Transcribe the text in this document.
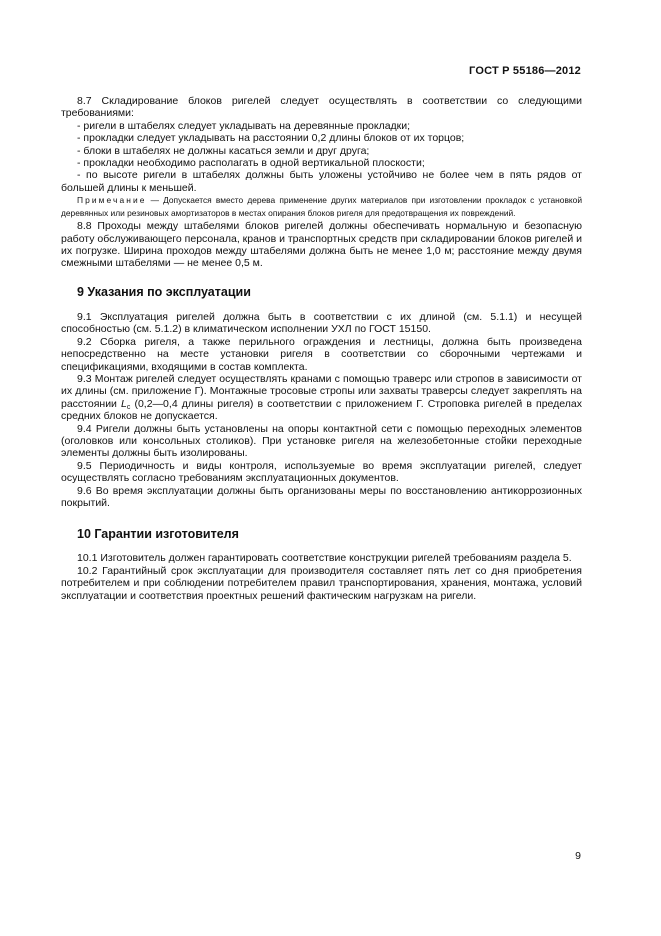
ГОСТ Р 55186—2012

8.7 Складирование блоков ригелей следует осуществлять в соответствии со следующими требованиями:

- ригели в штабелях следует укладывать на деревянные прокладки;

- прокладки следует укладывать на расстоянии 0,2 длины блоков от их торцов;

- блоки в штабелях не должны касаться земли и друг друга;

- прокладки необходимо располагать в одной вертикальной плоскости;

- по высоте ригели в штабелях должны быть уложены устойчиво не более чем в пять рядов от большей длины к меньшей.

Примечание — Допускается вместо дерева применение других материалов при изготовлении прокладок с установкой деревянных или резиновых амортизаторов в местах опирания блоков ригеля для предотвращения их повреждений.

8.8 Проходы между штабелями блоков ригелей должны обеспечивать нормальную и безопасную работу обслуживающего персонала, кранов и транспортных средств при складировании блоков ригелей и их погрузке. Ширина проходов между штабелями должна быть не менее 1,0 м; расстояние между двумя смежными штабелями — не менее 0,5 м.

9 Указания по эксплуатации

9.1 Эксплуатация ригелей должна быть в соответствии с их длиной (см. 5.1.1) и несущей способностью (см. 5.1.2) в климатическом исполнении УХЛ по ГОСТ 15150.

9.2 Сборка ригеля, а также перильного ограждения и лестницы, должна быть произведена непосредственно на месте установки ригеля в соответствии со сборочными чертежами и спецификациями, входящими в состав комплекта.

9.3 Монтаж ригелей следует осуществлять кранами с помощью траверс или стропов в зависимости от их длины (см. приложение Г). Монтажные тросовые стропы или захваты траверсы следует закреплять на расстоянии $L_c$ (0,2—0,4 длины ригеля) в соответствии с приложением Г. Строповка ригелей в пределах средних блоков не допускается.

9.4 Ригели должны быть установлены на опоры контактной сети с помощью переходных элементов (оголовков или консольных столиков). При установке ригеля на железобетонные стойки переходные элементы должны быть изолированы.

9.5 Периодичность и виды контроля, используемые во время эксплуатации ригелей, следует осуществлять согласно требованиям эксплуатационных документов.

9.6 Во время эксплуатации должны быть организованы меры по восстановлению антикоррозионных покрытий.

10 Гарантии изготовителя

10.1 Изготовитель должен гарантировать соответствие конструкции ригелей требованиям раздела 5.

10.2 Гарантийный срок эксплуатации для производителя составляет пять лет со дня приобретения потребителем и при соблюдении потребителем правил транспортирования, хранения, монтажа, условий эксплуатации и соответствия проектных решений фактическим нагрузкам на ригели.

9
